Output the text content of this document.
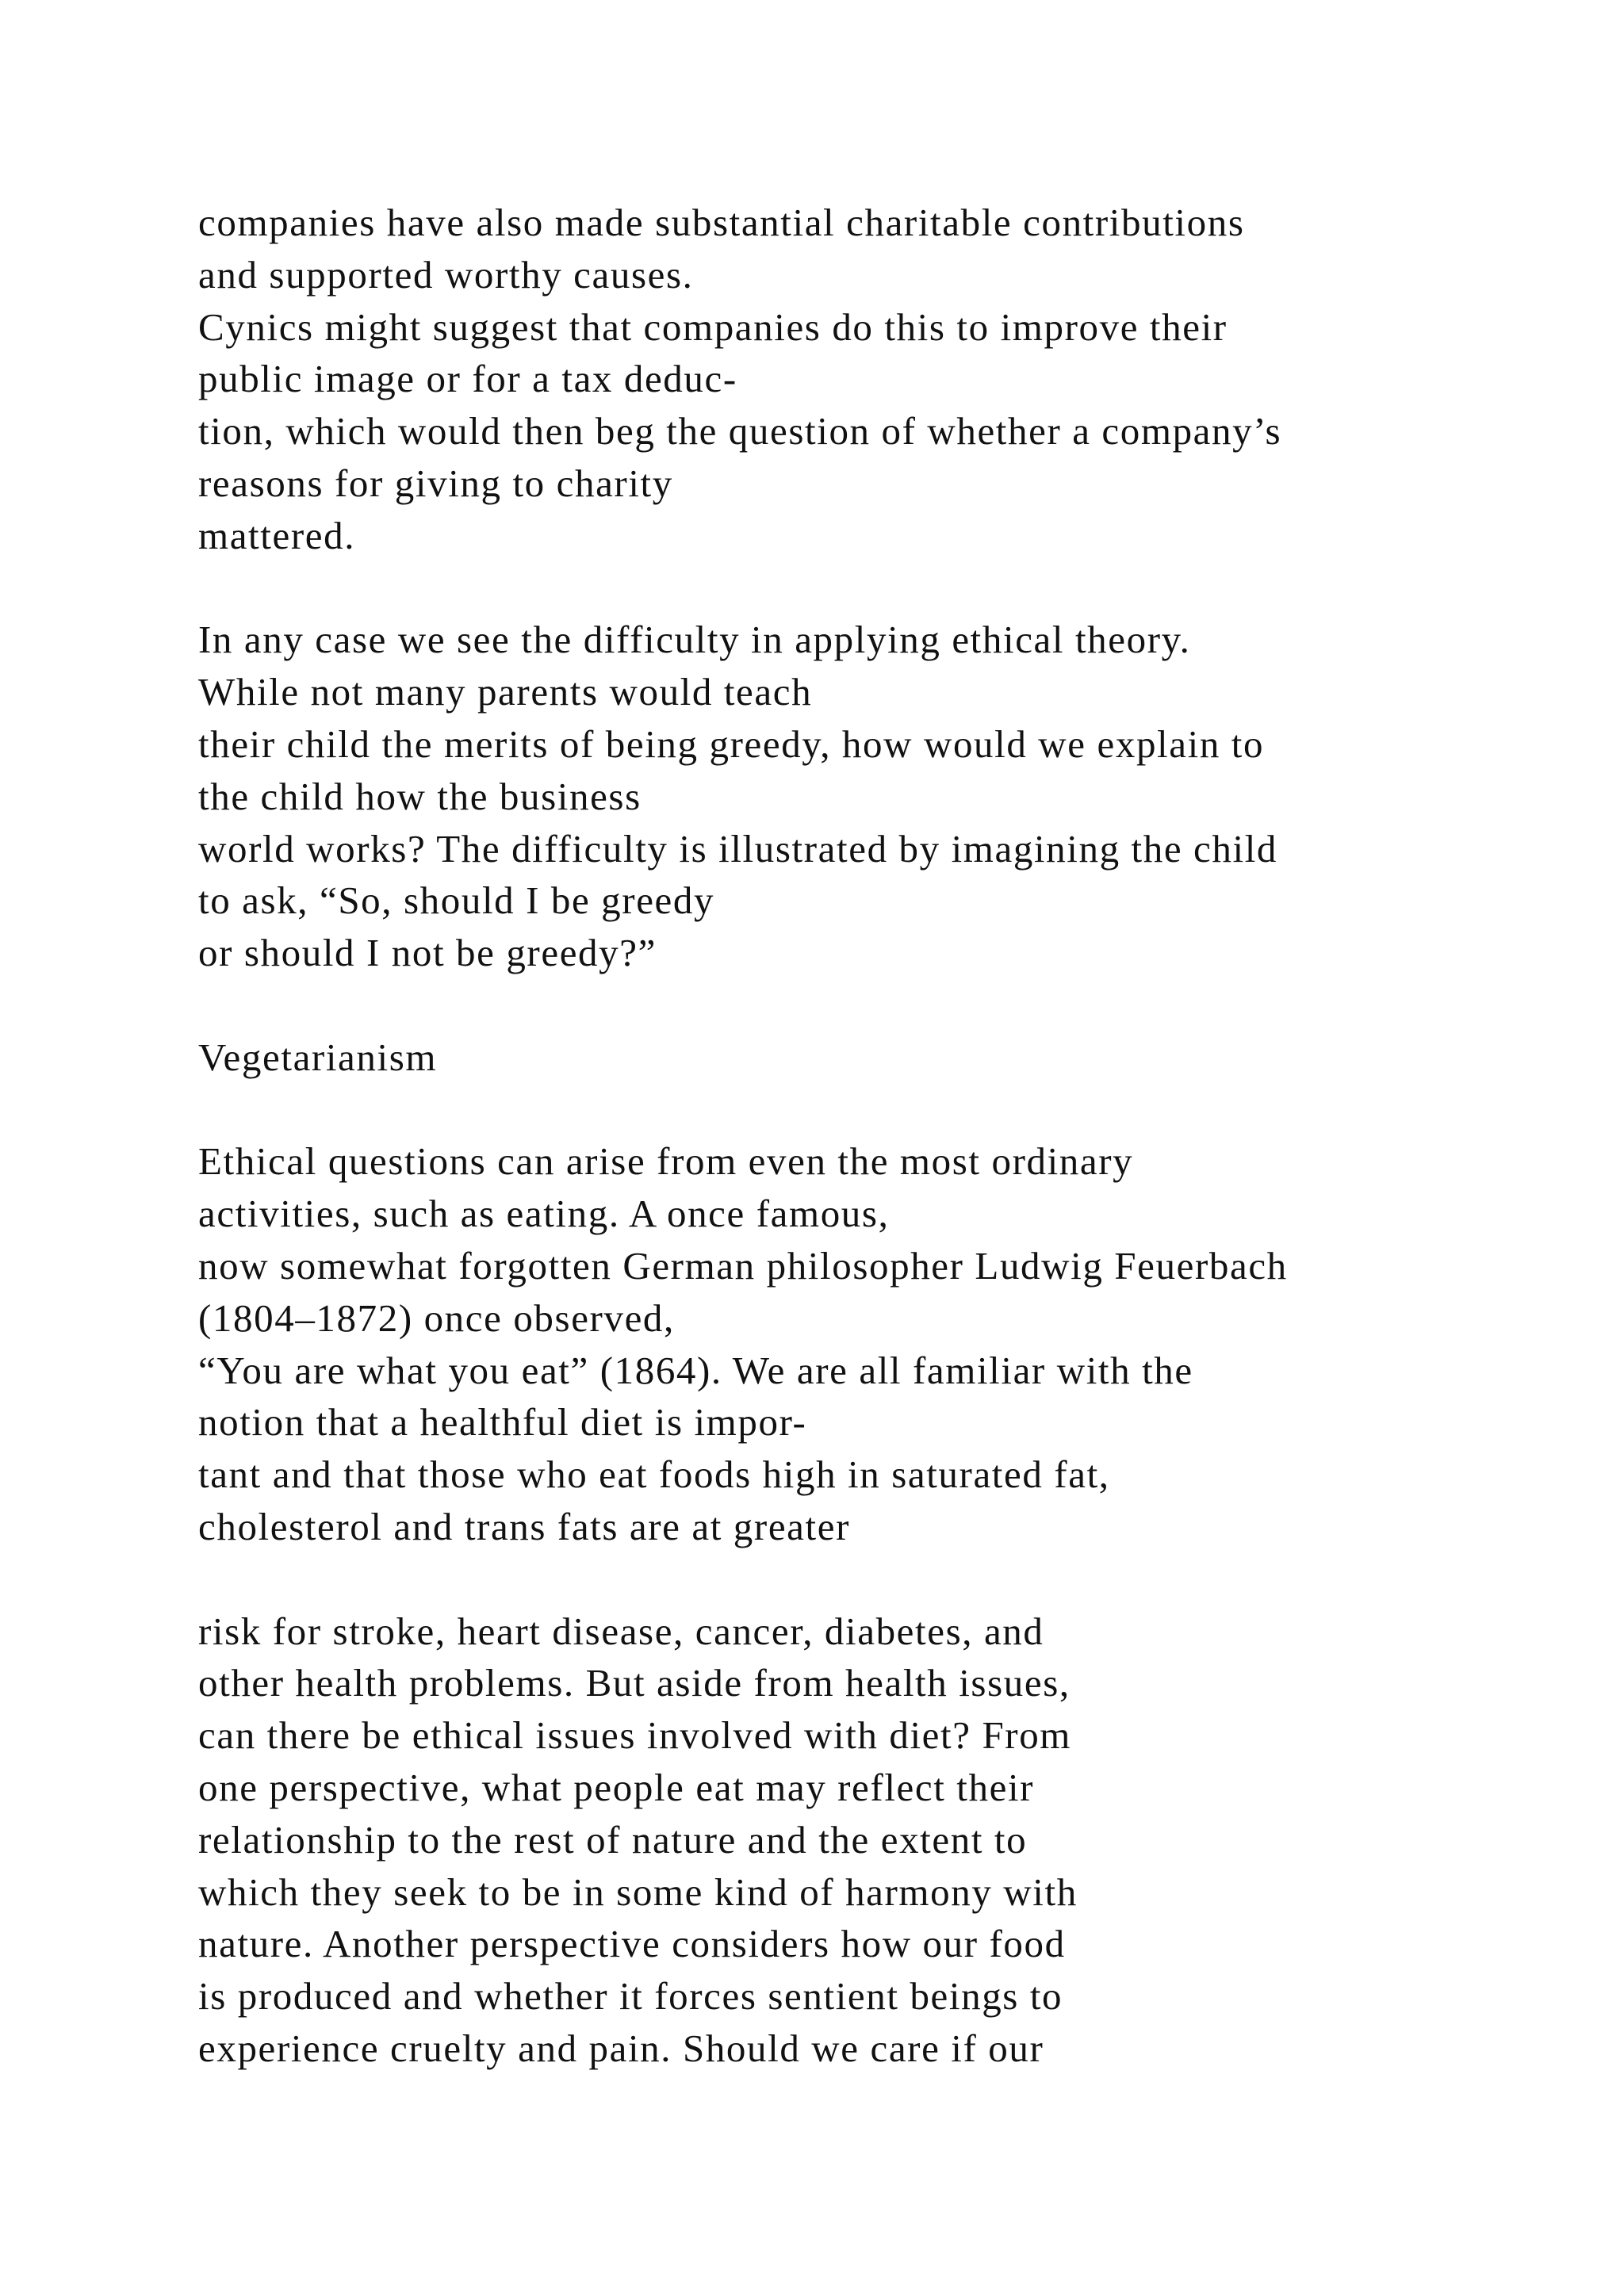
companies have also made substantial charitable contributions
and supported worthy causes.
Cynics might suggest that companies do this to improve their
public image or for a tax deduc-
tion, which would then beg the question of whether a company’s
reasons for giving to charity
mattered.
In any case we see the difficulty in applying ethical theory.
While not many parents would teach
their child the merits of being greedy, how would we explain to
the child how the business
world works? The difficulty is illustrated by imagining the child
to ask, “So, should I be greedy
or should I not be greedy?”
Vegetarianism
Ethical questions can arise from even the most ordinary
activities, such as eating. A once famous,
now somewhat forgotten German philosopher Ludwig Feuerbach
(1804–1872) once observed,
“You are what you eat” (1864). We are all familiar with the
notion that a healthful diet is impor-
tant and that those who eat foods high in saturated fat,
cholesterol and trans fats are at greater
risk for stroke, heart disease, cancer, diabetes, and
other health problems. But aside from health issues,
can there be ethical issues involved with diet? From
one perspective, what people eat may reflect their
relationship to the rest of nature and the extent to
which they seek to be in some kind of harmony with
nature. Another perspective considers how our food
is produced and whether it forces sentient beings to
experience cruelty and pain. Should we care if our
